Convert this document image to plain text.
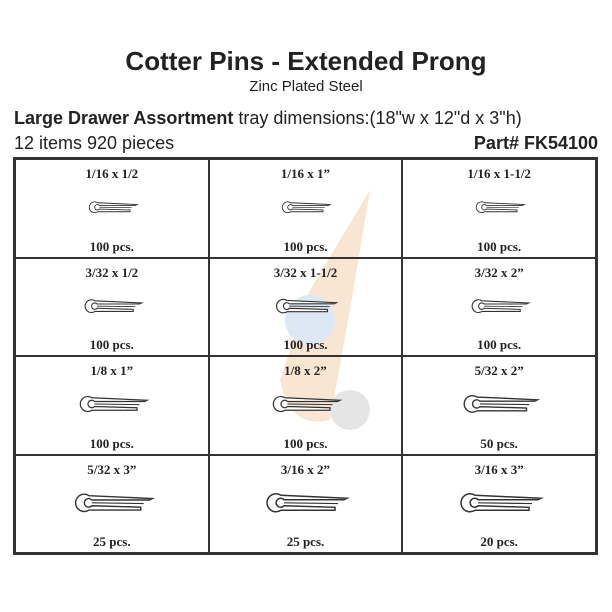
Cotter Pins - Extended Prong
Zinc Plated Steel
Large Drawer Assortment tray dimensions:(18"w x 12"d x 3"h)
12 items 920 pieces	Part# FK54100
1/16 x 1/2
100 pcs.
1/16 x 1”
100 pcs.
1/16 x 1-1/2
100 pcs.
3/32 x 1/2
100 pcs.
3/32 x 1-1/2
100 pcs.
3/32 x 2”
100 pcs.
1/8 x 1”
100 pcs.
1/8 x 2”
100 pcs.
5/32 x 2”
50 pcs.
5/32 x 3”
25 pcs.
3/16 x 2”
25 pcs.
3/16 x 3”
20 pcs.
